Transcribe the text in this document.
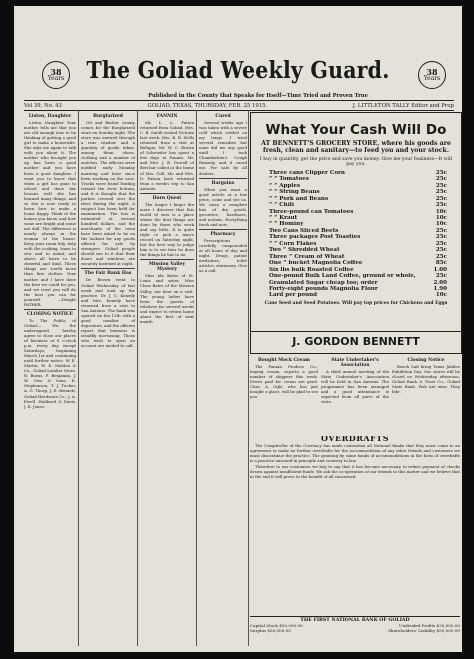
38
Years	The Goliad Weekly Guard.	38
Years
Published in the County that Speaks for Itself—Time Tried and Proven True
Vol 39, No. 43	GOLIAD, TEXAS, THURSDAY, FEB. 25 1915.	J. LITTLETON TALLY Editor and Prop
Listen, Daughter

Listen, Daughter. Your mother tells me that you are old enough now to be thinking of getting a good girl to make a housewife. She asks me again to talk with you about it. The mother who brought you up has been a good mother and you have been a good daughter. I want you to know that when a girl has gone to school and done her lessons well she has learned many things, and so she is now ready to learn how to make a home happy. Think of the homes you know, and how some are bright and some are dull. The difference is nearly always in the woman of the house. Keep your room tidy, help with the cooking, learn to sew and to mend, and above all learn to be cheerful and kind. These things are worth more than fine clothes. Your mother and I have done the best we could for you, and we trust you will do the best you can for yourself. —Dwight PATHER.

CLOSING NOTICE

To The Public of Goliad:— We, the undersigned, hereby agree to close our places of business at 6 o'clock p.m. every day except Saturdays, beginning March 1st and continuing until further notice. W. E. Martin, W. E. Mahlon & Co., Goliad Lumber Store, R. Burns, F. Benjamin, J. W. Otto & Sons, E. Stephenson, T. J. Tucker, A. G. Thorp, J. E. Bennett, Goliad Hardware Co., J. A. Ewell, Hubbard & Davis, J. E. Jones.

Burglarized

Ott and Barber county comes for the Burglarized store on Sunday night. The store was entered through a rear window and a quantity of goods taken, among them shoes, clothing and a number of watches. The officers were notified early Monday morning and have since been working on the case. Tracks were found leading toward the river bottom, and it is thought that the parties crossed over the river during the night. A suspect has been held for examination. The loss is estimated at several hundred dollars, and the merchants of the town have been asked to be on the lookout for any goods offered for sale by strangers. Goliad people should see to it that their doors and windows are securely fastened at night.

The Fair Bank Has

Dr. Brown went to Goliad Wednesday of last week and took up the practice. Dr. J. C. Kenedy and Mrs. Kenedy have returned from a visit to San Antonio. The bank was opened on the 12th with a good number of depositors, and the officers report that business is steadily increasing. Those who wish to open an account are invited to call.

FANNIN

Mr. L. L. Patton returned from Goliad. Mrs. C. B. Smith visited Victoria last week. Mrs. B. B. Wells returned from a visit at Refugio. Mr. W. C. Brown of Schroeder has spent a few days in Fannin. Mr. and Mrs. J. B. Dowell of Berclair called at the home of Mrs. Goll. Mr. and Mrs. D. Patton have returned from a week's trip to San Antonio.

Dorn Quest

The longer I linger the more I discover that this world of ours is a place where the best things are done by those who work and say little. It is quite right to pick a man's record on Saturday night, but the best way to judge him is to see how he does the things he has to do.

Mission Valley Mystery

Miss Ida Bates of St. Louis and sister, Miss Clara Bates of the Mission Valley, are here on a visit. The young ladies have been the guests of relatives for several weeks and expect to return home about the first of next month.

Cured

Several weeks ago I was taken with a severe cold which settled on my lungs. I tried several remedies but none did me any good until I took Chamberlain's Cough Remedy, and it cured me. For sale by all dealers.

Bargains

When you want a good article at a low price, come and see us. We carry a complete line of dry goods, groceries, hardware, and notions. Everything fresh and new.

Pharmacy

Prescriptions carefully compounded at all hours of day and night. Drugs, patent medicines, toilet articles, stationery. Give us a call.

What Your Cash Will Do
AT BENNETT'S GROCERY STORE, where his goods are fresh, clean and sanitary—to feed you and your stock.
I buy in quantity, get the price and save you money. Give me your business—It will pay you.
Three cans Clipper Corn	25c
” ” Tomatoes	25c
” ” Apples	25c
” ” String Beans	25c
” ” Pork and Beans	25c
” ” Chili	25c
Three-pound can Tomatoes	10c
” ” Kraut	10c
” ” Hominy	10c
Two Cans Sliced Beets	25c
Three packages Post Toasties	25c
” ” Corn Flakes	25c
Two ” Shredded Wheat	25c
Three ” Cream of Wheat	25c
One ” bucket Magnolia Coffee	85c
Six lbs bulk Roasted Coffee	1.00
One-pound Bulk Land Coffee, ground or whole,	25c
Granulated Sugar cheap too; order	2.00
Forty-eight pounds Magnolia Flour	1.90
Lard per pound	10c
Cane Seed and Seed Potatoes. Will pay top prices for Chickens and Eggs
J. GORDON BENNETT
Bought Mock Cream

The Fannin Produce Co., buying cream, reports a good number of shippers this week. Prices paid for cream are good. Chas. A. Ogle, who has just bought a place, will be glad to see you.

State Undertaker's Association

A third annual meeting of the State Undertaker's Association will be held in San Antonio. The programme has been arranged and a good attendance is expected from all parts of the state.

Closing Notice

Beach Sad bring Texas Jubilee Exhibition Day. Our stores will be closed on Wednesday afternoon. Goliad Bank & Trust Co., Goliad State Bank. Fish are wise. They bite.

OVERDRAFTS

The Comptroller of the Currency has made contention all National Banks that they must come to an agreement to make no further overdrafts for the accommodation of any other friends and customers we must discontinue the practice. The granting by some banks of accommodations in the form of overdrafts is a practice unsound in principle and contrary to law.

Therefore to our customers we beg to say that it has become necessary to refuse payment of checks drawn against insufficient funds. We ask the co-operation of our friends in this matter and we believe that in the end it will prove to the benefit of all concerned.

THE FIRST NATIONAL BANK OF GOLIAD
Capital Stock $50,000.00	Undivided Profits $30,000.00
Surplus $50,000.00	Shareholders' Liability $50,000.00
